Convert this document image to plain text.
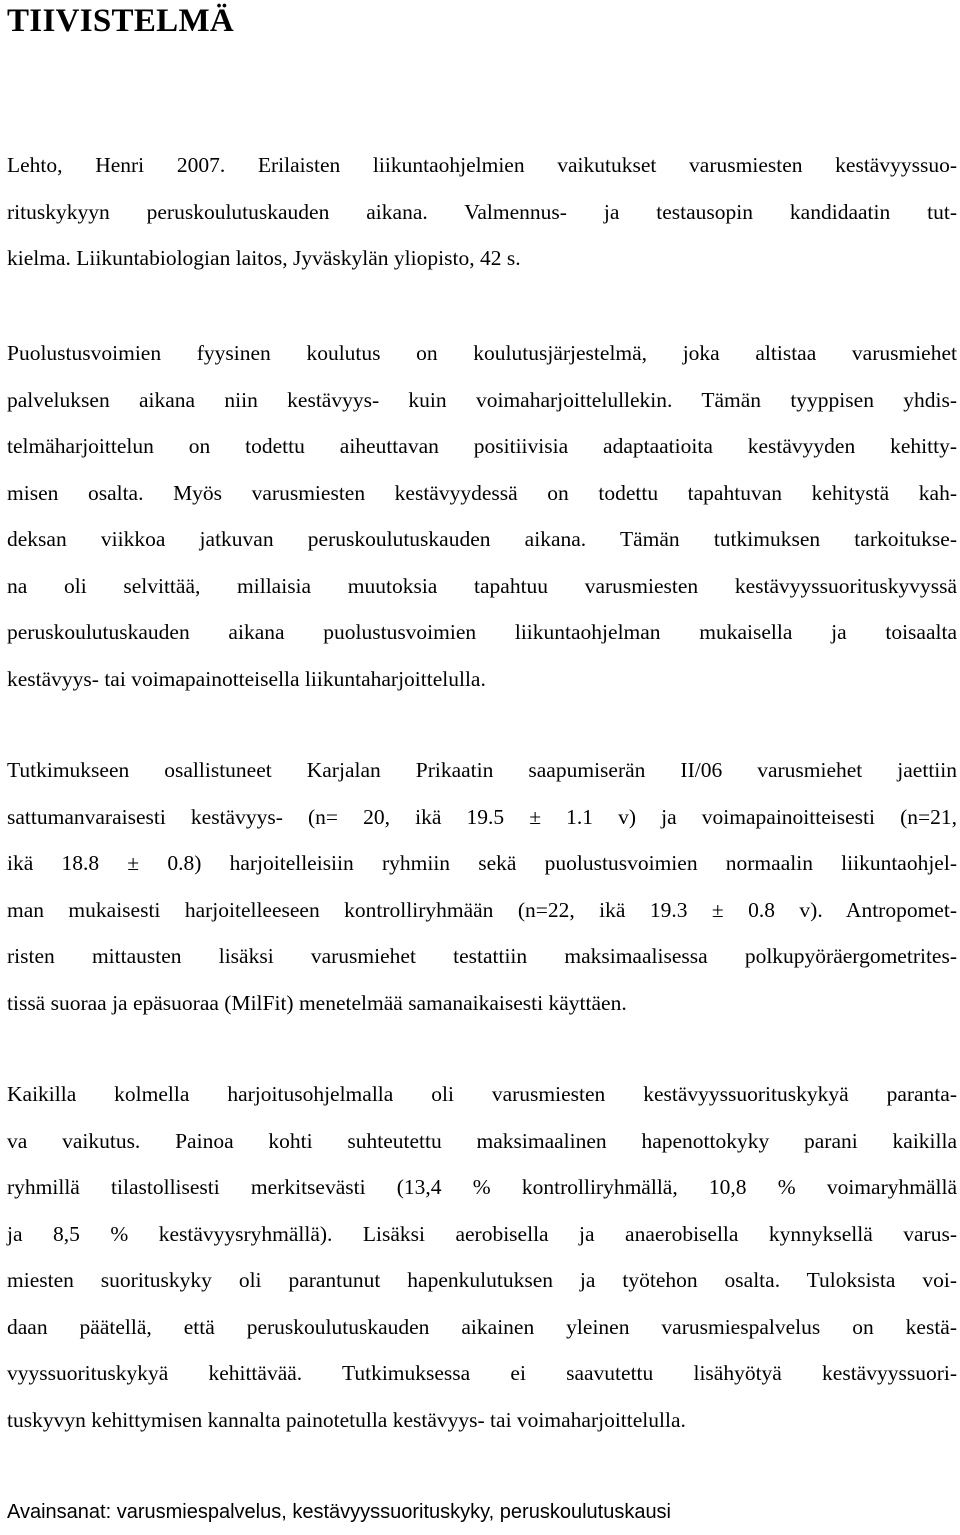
TIIVISTELMÄ

Lehto, Henri 2007. Erilaisten liikuntaohjelmien vaikutukset varusmiesten kestävyyssuo-
rituskykyyn peruskoulutuskauden aikana. Valmennus- ja testausopin kandidaatin tut-
kielma. Liikuntabiologian laitos, Jyväskylän yliopisto, 42 s.

Puolustusvoimien fyysinen koulutus on koulutusjärjestelmä, joka altistaa varusmiehet
palveluksen aikana niin kestävyys- kuin voimaharjoittelullekin. Tämän tyyppisen yhdis-
telmäharjoittelun on todettu aiheuttavan positiivisia adaptaatioita kestävyyden kehitty-
misen osalta. Myös varusmiesten kestävyydessä on todettu tapahtuvan kehitystä kah-
deksan viikkoa jatkuvan peruskoulutuskauden aikana. Tämän tutkimuksen tarkoitukse-
na oli selvittää, millaisia muutoksia tapahtuu varusmiesten kestävyyssuorituskyvyssä
peruskoulutuskauden aikana puolustusvoimien liikuntaohjelman mukaisella ja toisaalta
kestävyys- tai voimapainotteisella liikuntaharjoittelulla.

Tutkimukseen osallistuneet Karjalan Prikaatin saapumiserän II/06 varusmiehet jaettiin
sattumanvaraisesti kestävyys- (n= 20, ikä 19.5 ± 1.1 v) ja voimapainoitteisesti (n=21,
ikä 18.8 ± 0.8) harjoitelleisiin ryhmiin sekä puolustusvoimien normaalin liikuntaohjel-
man mukaisesti harjoitelleeseen kontrolliryhmään (n=22, ikä 19.3 ± 0.8 v). Antropomet-
risten mittausten lisäksi varusmiehet testattiin maksimaalisessa polkupyöräergometrites-
tissä suoraa ja epäsuoraa (MilFit) menetelmää samanaikaisesti käyttäen.

Kaikilla kolmella harjoitusohjelmalla oli varusmiesten kestävyyssuorituskykyä paranta-
va vaikutus. Painoa kohti suhteutettu maksimaalinen hapenottokyky parani kaikilla
ryhmillä tilastollisesti merkitsevästi (13,4 % kontrolliryhmällä, 10,8 % voimaryhmällä
ja 8,5 % kestävyysryhmällä). Lisäksi aerobisella ja anaerobisella kynnyksellä varus-
miesten suorituskyky oli parantunut hapenkulutuksen ja työtehon osalta. Tuloksista voi-
daan päätellä, että peruskoulutuskauden aikainen yleinen varusmiespalvelus on kestä-
vyyssuorituskykyä kehittävää. Tutkimuksessa ei saavutettu lisähyötyä kestävyyssuori-
tuskyvyn kehittymisen kannalta painotetulla kestävyys- tai voimaharjoittelulla.

Avainsanat: varusmiespalvelus, kestävyyssuorituskyky, peruskoulutuskausi
